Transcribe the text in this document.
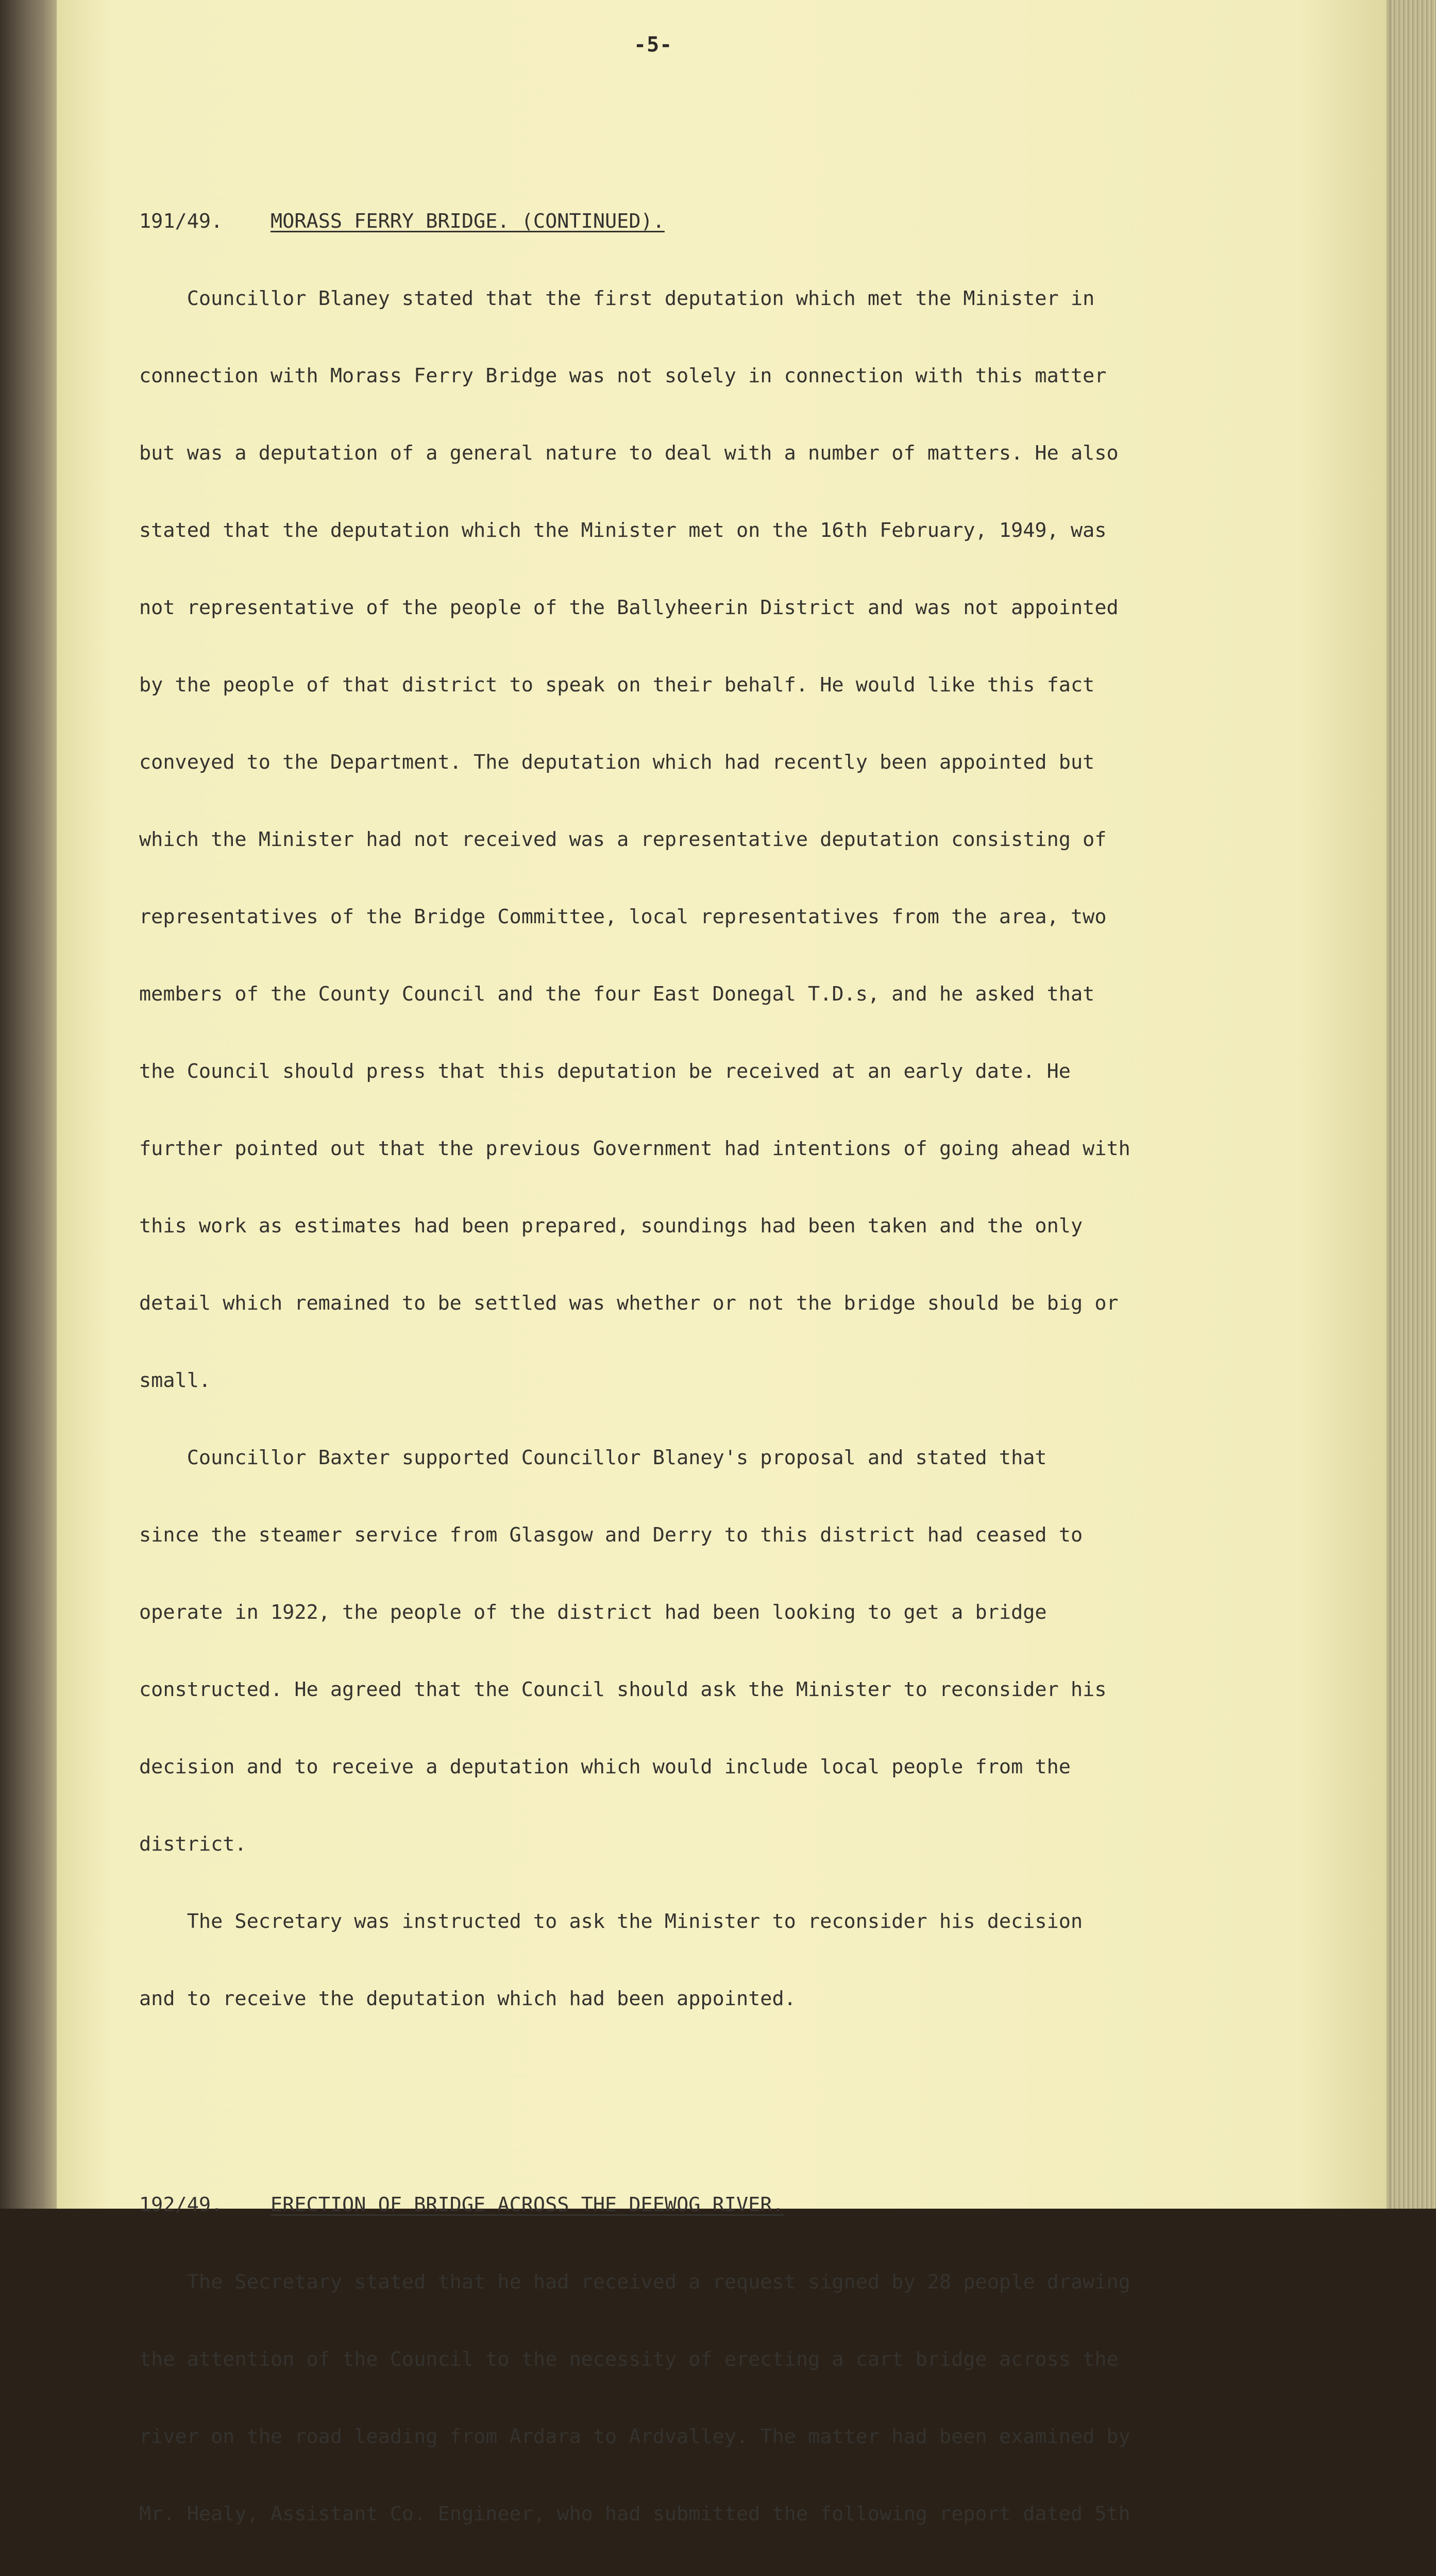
-5-

191/49. MORASS FERRY BRIDGE. (CONTINUED).

Councillor Blaney stated that the first deputation which met the Minister in

connection with Morass Ferry Bridge was not solely in connection with this matter

but was a deputation of a general nature to deal with a number of matters. He also

stated that the deputation which the Minister met on the 16th February, 1949, was

not representative of the people of the Ballyheerin District and was not appointed

by the people of that district to speak on their behalf. He would like this fact

conveyed to the Department. The deputation which had recently been appointed but

which the Minister had not received was a representative deputation consisting of

representatives of the Bridge Committee, local representatives from the area, two

members of the County Council and the four East Donegal T.D.s, and he asked that

the Council should press that this deputation be received at an early date. He

further pointed out that the previous Government had intentions of going ahead with

this work as estimates had been prepared, soundings had been taken and the only

detail which remained to be settled was whether or not the bridge should be big or

small.

Councillor Baxter supported Councillor Blaney's proposal and stated that

since the steamer service from Glasgow and Derry to this district had ceased to

operate in 1922, the people of the district had been looking to get a bridge

constructed. He agreed that the Council should ask the Minister to reconsider his

decision and to receive a deputation which would include local people from the

district.

The Secretary was instructed to ask the Minister to reconsider his decision

and to receive the deputation which had been appointed.

192/49. ERECTION OF BRIDGE ACROSS THE DEEWOG RIVER.

The Secretary stated that he had received a request signed by 28 people drawing

the attention of the Council to the necessity of erecting a cart bridge across the

river on the road leading from Ardara to Ardvalley. The matter had been examined by

Mr. Healy, Assistant Co. Engineer, who had submitted the following report dated 5th
